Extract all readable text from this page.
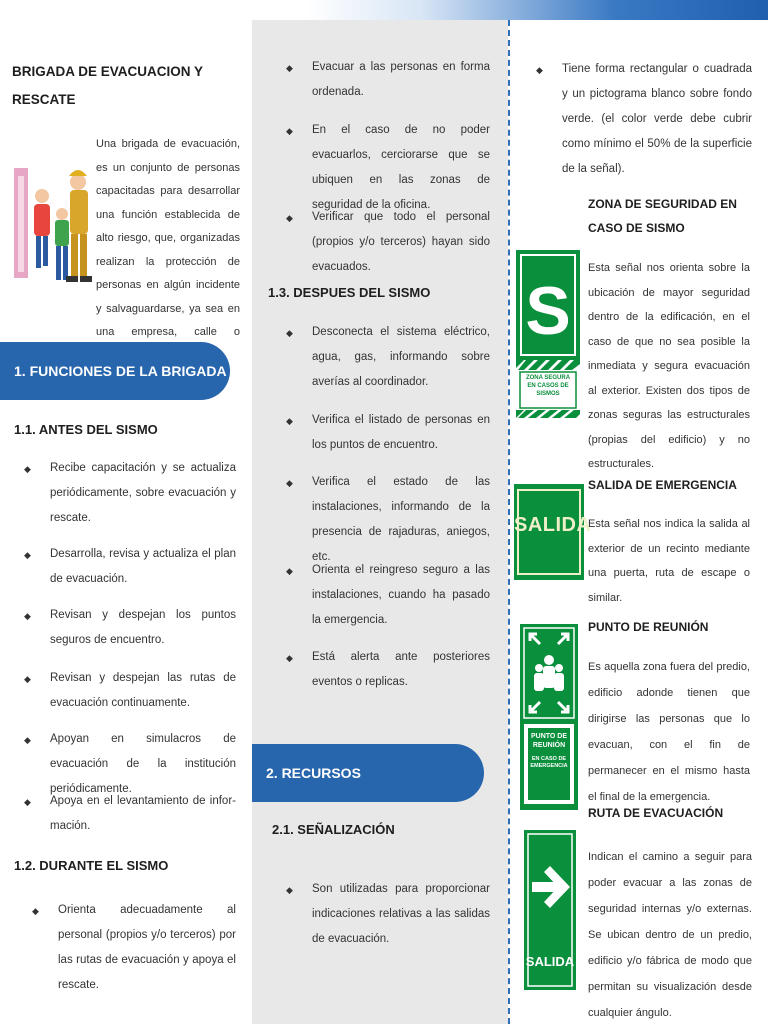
BRIGADA DE EVACUACION Y RESCATE
Una brigada de evacuación, es un conjunto de personas capacitadas para desarrollar una función establecida de alto riesgo, que, organizadas realizan la protección de personas en algún incidente y salvaguardarse, ya sea en una empresa, calle o
1. FUNCIONES DE LA BRIGADA
1.1. ANTES DEL SISMO
◆	Recibe capacitación y se actualiza periódicamente, sobre evacuación y rescate.
◆	Desarrolla, revisa y actualiza el plan de evacuación.
◆	Revisan y despejan los puntos seguros de encuentro.
◆	Revisan y despejan las rutas de evacuación continuamente.
◆	Apoyan en simulacros de evacuación de la institución periódicamente.
◆	Apoya en el levantamiento de información.
1.2. DURANTE EL SISMO
◆	Orienta adecuadamente al personal (propios y/o terceros) por las rutas de evacuación y apoya el rescate.
◆	Evacuar a las personas en forma ordenada.
◆	En el caso de no poder evacuarlos, cerciorarse que se ubiquen en las zonas de seguridad de la oficina.
◆	Verificar que todo el personal (propios y/o terceros) hayan sido evacuados.
1.3. DESPUES DEL SISMO
◆	Desconecta el sistema eléctrico, agua, gas, informando sobre averías al coordinador.
◆	Verifica el listado de personas en los puntos de encuentro.
◆	Verifica el estado de las instalaciones, informando de la presencia de rajaduras, aniegos, etc.
◆	Orienta el reingreso seguro a las instalaciones, cuando ha pasado la emergencia.
◆	Está alerta ante posteriores eventos o replicas.
2. RECURSOS
2.1. SEÑALIZACIÓN
◆	Son utilizadas para proporcionar indicaciones relativas a las salidas de evacuación.
◆	Tiene forma rectangular o cuadrada y un pictograma blanco sobre fondo verde. (el color verde debe cubrir como mínimo el 50% de la superficie de la señal).
ZONA DE SEGURIDAD EN CASO DE SISMO
S
ZONA SEGURA EN CASOS DE SISMOS
Esta señal nos orienta sobre la ubicación de mayor seguridad dentro de la edificación, en el caso de que no sea posible la inmediata y segura evacuación al exterior. Existen dos tipos de zonas seguras las estructurales (propias del edificio) y no estructurales.
SALIDA
SALIDA DE EMERGENCIA
Esta señal nos indica la salida al exterior de un recinto mediante una puerta, ruta de escape o similar.
PUNTO DE REUNIÓN
EN CASO DE EMERGENCIA
PUNTO DE REUNIÓN
Es aquella zona fuera del predio, edificio adonde tienen que dirigirse las personas que lo evacuan, con el fin de permanecer en el mismo hasta el final de la emergencia.
SALIDA
RUTA DE EVACUACIÓN
Indican el camino a seguir para poder evacuar a las zonas de seguridad internas y/o externas. Se ubican dentro de un predio, edificio y/o fábrica de modo que permitan su visualización desde cualquier ángulo.
